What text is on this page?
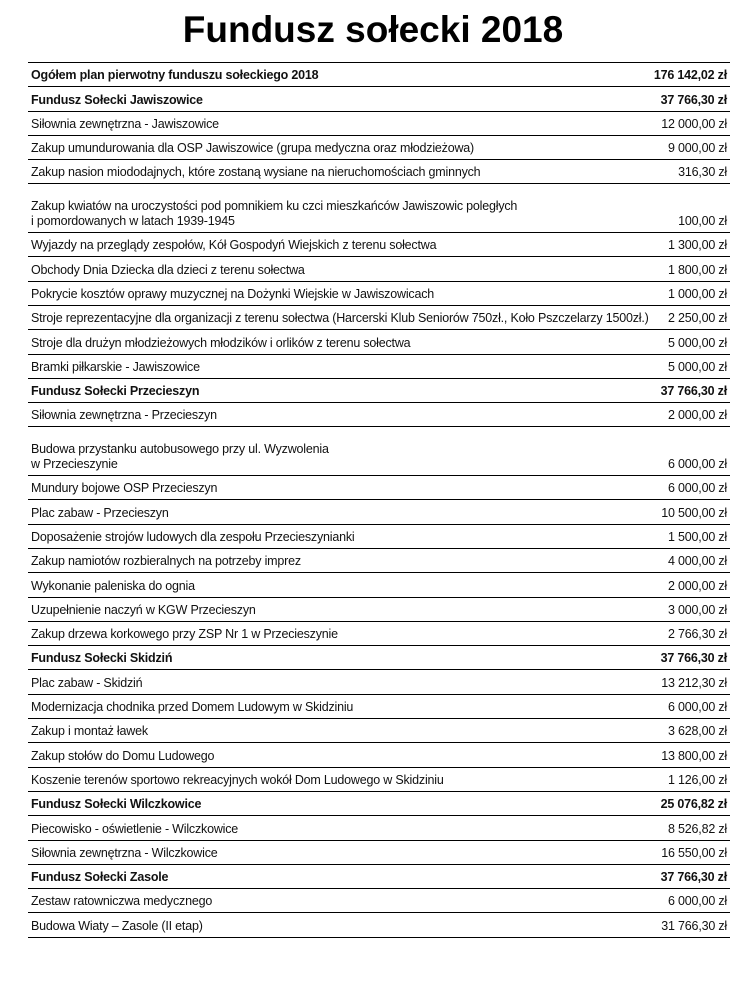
Fundusz sołecki 2018
Ogółem plan pierwotny funduszu sołeckiego 2018	176 142,02 zł
Fundusz Sołecki Jawiszowice	37 766,30 zł
Siłownia zewnętrzna - Jawiszowice	12 000,00 zł
Zakup umundurowania dla OSP Jawiszowice (grupa medyczna oraz młodzieżowa)	9 000,00 zł
Zakup nasion miododajnych, które zostaną wysiane na nieruchomościach gminnych	316,30 zł
Zakup kwiatów na uroczystości pod pomnikiem ku czci mieszkańców Jawiszowic poległych
i pomordowanych w latach 1939-1945	100,00 zł
Wyjazdy na przeglądy zespołów, Kół Gospodyń Wiejskich z terenu sołectwa	1 300,00 zł
Obchody Dnia Dziecka dla dzieci z terenu sołectwa	1 800,00 zł
Pokrycie kosztów oprawy muzycznej na Dożynki Wiejskie w Jawiszowicach	1 000,00 zł
Stroje reprezentacyjne dla organizacji z terenu sołectwa (Harcerski Klub Seniorów 750zł., Koło Pszczelarzy 1500zł.) 2 250,00 zł
Stroje dla drużyn młodzieżowych młodzików i orlików z terenu sołectwa	5 000,00 zł
Bramki piłkarskie - Jawiszowice	5 000,00 zł
Fundusz Sołecki Przecieszyn	37 766,30 zł
Siłownia zewnętrzna - Przecieszyn	2 000,00 zł
Budowa przystanku autobusowego przy ul. Wyzwolenia
w Przecieszynie	6 000,00 zł
Mundury bojowe OSP Przecieszyn	6 000,00 zł
Plac zabaw - Przecieszyn	10 500,00 zł
Doposażenie strojów ludowych dla zespołu Przecieszynianki	1 500,00 zł
Zakup namiotów rozbieralnych na potrzeby imprez	4 000,00 zł
Wykonanie paleniska do ognia	2 000,00 zł
Uzupełnienie naczyń w KGW Przecieszyn	3 000,00 zł
Zakup drzewa korkowego przy ZSP Nr 1 w Przecieszynie	2 766,30 zł
Fundusz Sołecki Skidziń	37 766,30 zł
Plac zabaw - Skidziń	13 212,30 zł
Modernizacja chodnika przed Domem Ludowym w Skidziniu	6 000,00 zł
Zakup i montaż ławek	3 628,00 zł
Zakup stołów do Domu Ludowego	13 800,00 zł
Koszenie terenów sportowo rekreacyjnych wokół Dom Ludowego w Skidziniu	1 126,00 zł
Fundusz Sołecki Wilczkowice	25 076,82 zł
Piecowisko - oświetlenie - Wilczkowice	8 526,82 zł
Siłownia zewnętrzna - Wilczkowice	16 550,00 zł
Fundusz Sołecki Zasole	37 766,30 zł
Zestaw ratowniczwa medycznego	6 000,00 zł
Budowa Wiaty – Zasole (II etap)	31 766,30 zł
